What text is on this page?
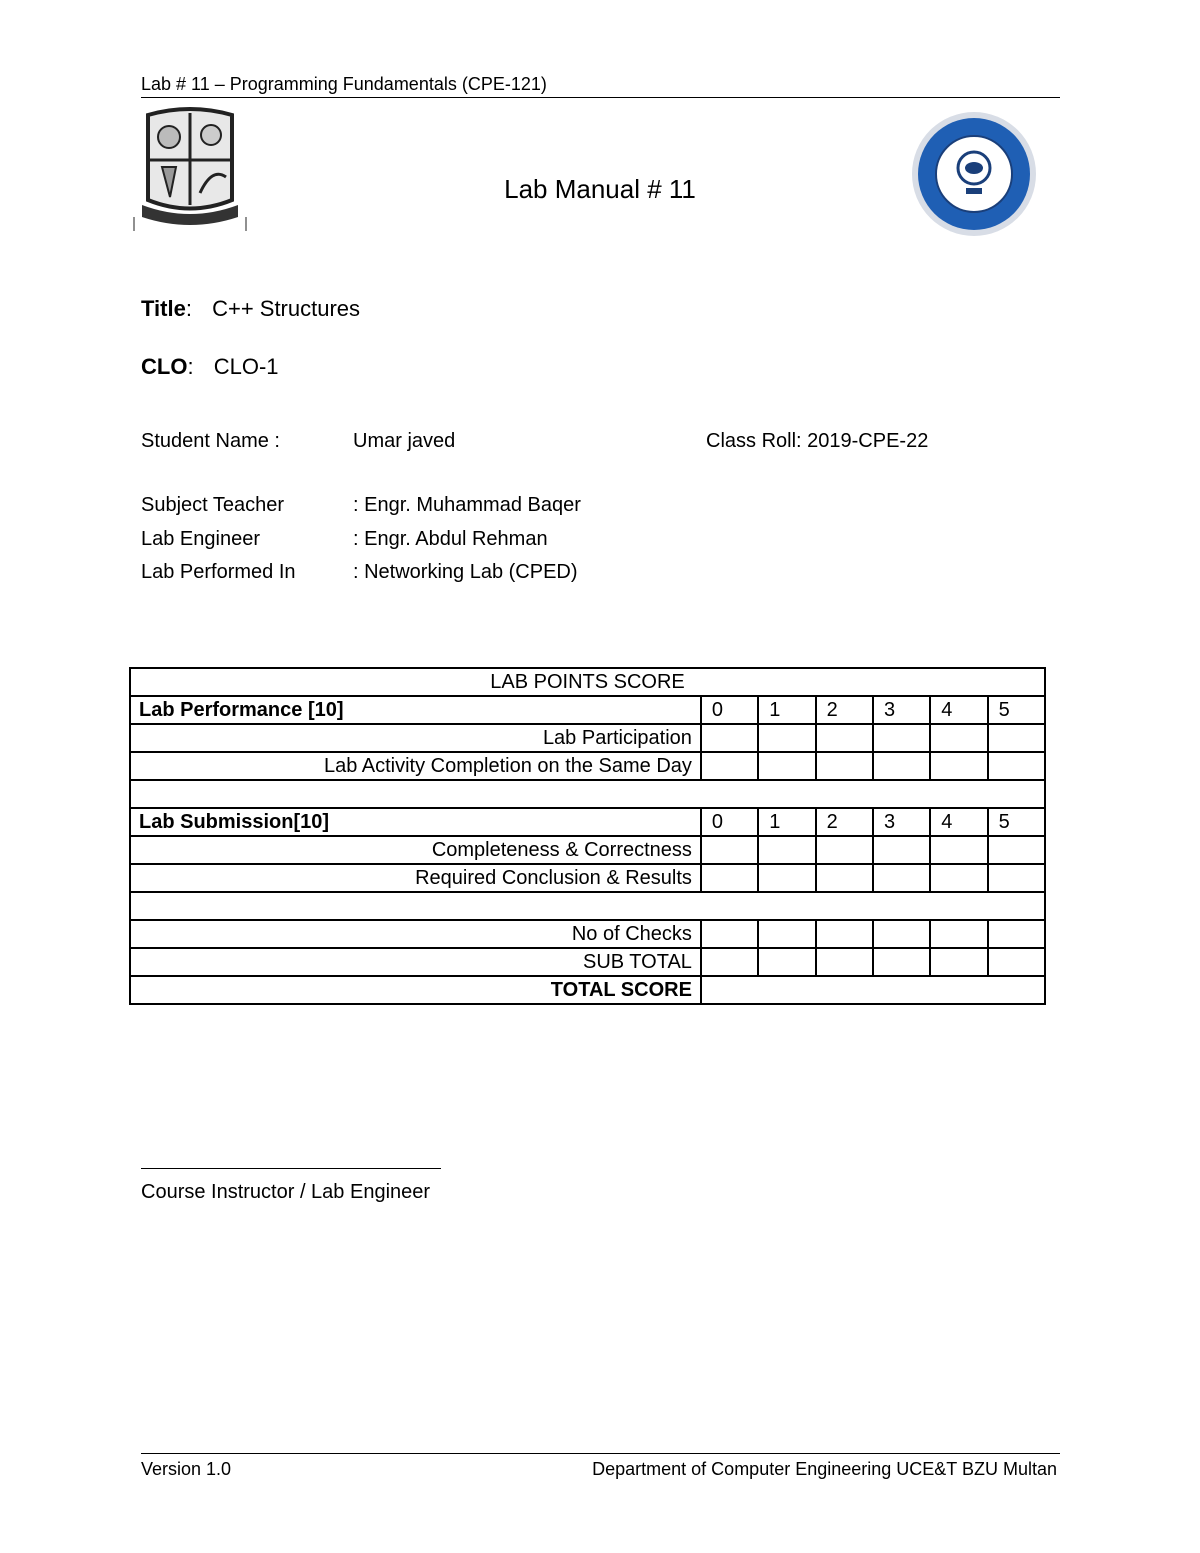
Lab # 11 – Programming Fundamentals (CPE-121)
Lab Manual # 11
Title: C++ Structures
CLO: CLO-1
Student Name :	Umar javed	Class Roll: 2019-CPE-22
Subject Teacher	: Engr. Muhammad Baqer
Lab Engineer	: Engr. Abdul Rehman
Lab Performed In	: Networking Lab (CPED)
LAB POINTS SCORE						
Lab Performance [10]	0	1	2	3	4	5
Lab Participation						
Lab Activity Completion on the Same Day						

Lab Submission[10]	0	1	2	3	4	5
Completeness & Correctness						
Required Conclusion & Results						

No of Checks						
SUB TOTAL						
TOTAL SCORE						
Course Instructor / Lab Engineer
Version 1.0	Department of Computer Engineering UCE&T BZU Multan
